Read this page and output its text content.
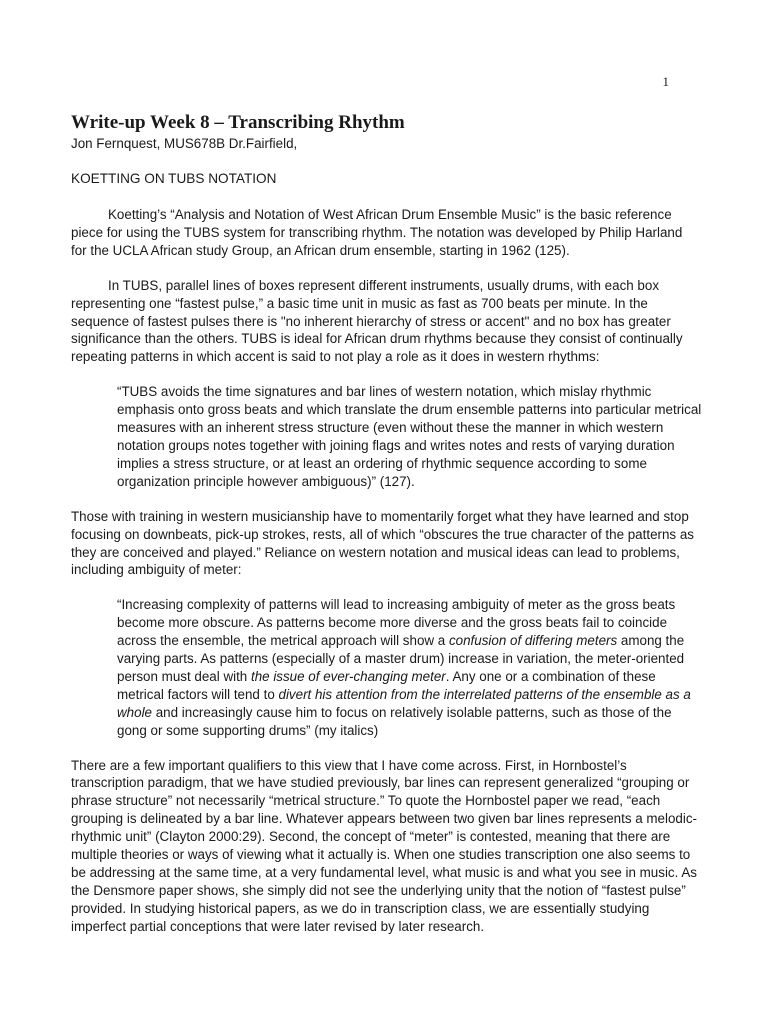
1
Write-up Week 8 – Transcribing Rhythm

Jon Fernquest, MUS678B Dr.Fairfield,

KOETTING ON TUBS NOTATION

Koetting’s “Analysis and Notation of West African Drum Ensemble Music” is the basic reference piece for using the TUBS system for transcribing rhythm. The notation was developed by Philip Harland for the UCLA African study Group, an African drum ensemble, starting in 1962 (125).

In TUBS, parallel lines of boxes represent different instruments, usually drums, with each box representing one “fastest pulse,” a basic time unit in music as fast as 700 beats per minute. In the sequence of fastest pulses there is "no inherent hierarchy of stress or accent" and no box has greater significance than the others. TUBS is ideal for African drum rhythms because they consist of continually repeating patterns in which accent is said to not play a role as it does in western rhythms:

“TUBS avoids the time signatures and bar lines of western notation, which mislay rhythmic emphasis onto gross beats and which translate the drum ensemble patterns into particular metrical measures with an inherent stress structure (even without these the manner in which western notation groups notes together with joining flags and writes notes and rests of varying duration implies a stress structure, or at least an ordering of rhythmic sequence according to some organization principle however ambiguous)” (127).

Those with training in western musicianship have to momentarily forget what they have learned and stop focusing on downbeats, pick-up strokes, rests, all of which “obscures the true character of the patterns as they are conceived and played.” Reliance on western notation and musical ideas can lead to problems, including ambiguity of meter:

“Increasing complexity of patterns will lead to increasing ambiguity of meter as the gross beats become more obscure. As patterns become more diverse and the gross beats fail to coincide across the ensemble, the metrical approach will show a confusion of differing meters among the varying parts. As patterns (especially of a master drum) increase in variation, the meter-oriented person must deal with the issue of ever-changing meter. Any one or a combination of these metrical factors will tend to divert his attention from the interrelated patterns of the ensemble as a whole and increasingly cause him to focus on relatively isolable patterns, such as those of the gong or some supporting drums” (my italics)

There are a few important qualifiers to this view that I have come across. First, in Hornbostel’s transcription paradigm, that we have studied previously, bar lines can represent generalized “grouping or phrase structure” not necessarily “metrical structure.” To quote the Hornbostel paper we read, “each grouping is delineated by a bar line. Whatever appears between two given bar lines represents a melodic-rhythmic unit” (Clayton 2000:29). Second, the concept of “meter” is contested, meaning that there are multiple theories or ways of viewing what it actually is. When one studies transcription one also seems to be addressing at the same time, at a very fundamental level, what music is and what you see in music. As the Densmore paper shows, she simply did not see the underlying unity that the notion of “fastest pulse” provided. In studying historical papers, as we do in transcription class, we are essentially studying imperfect partial conceptions that were later revised by later research.
